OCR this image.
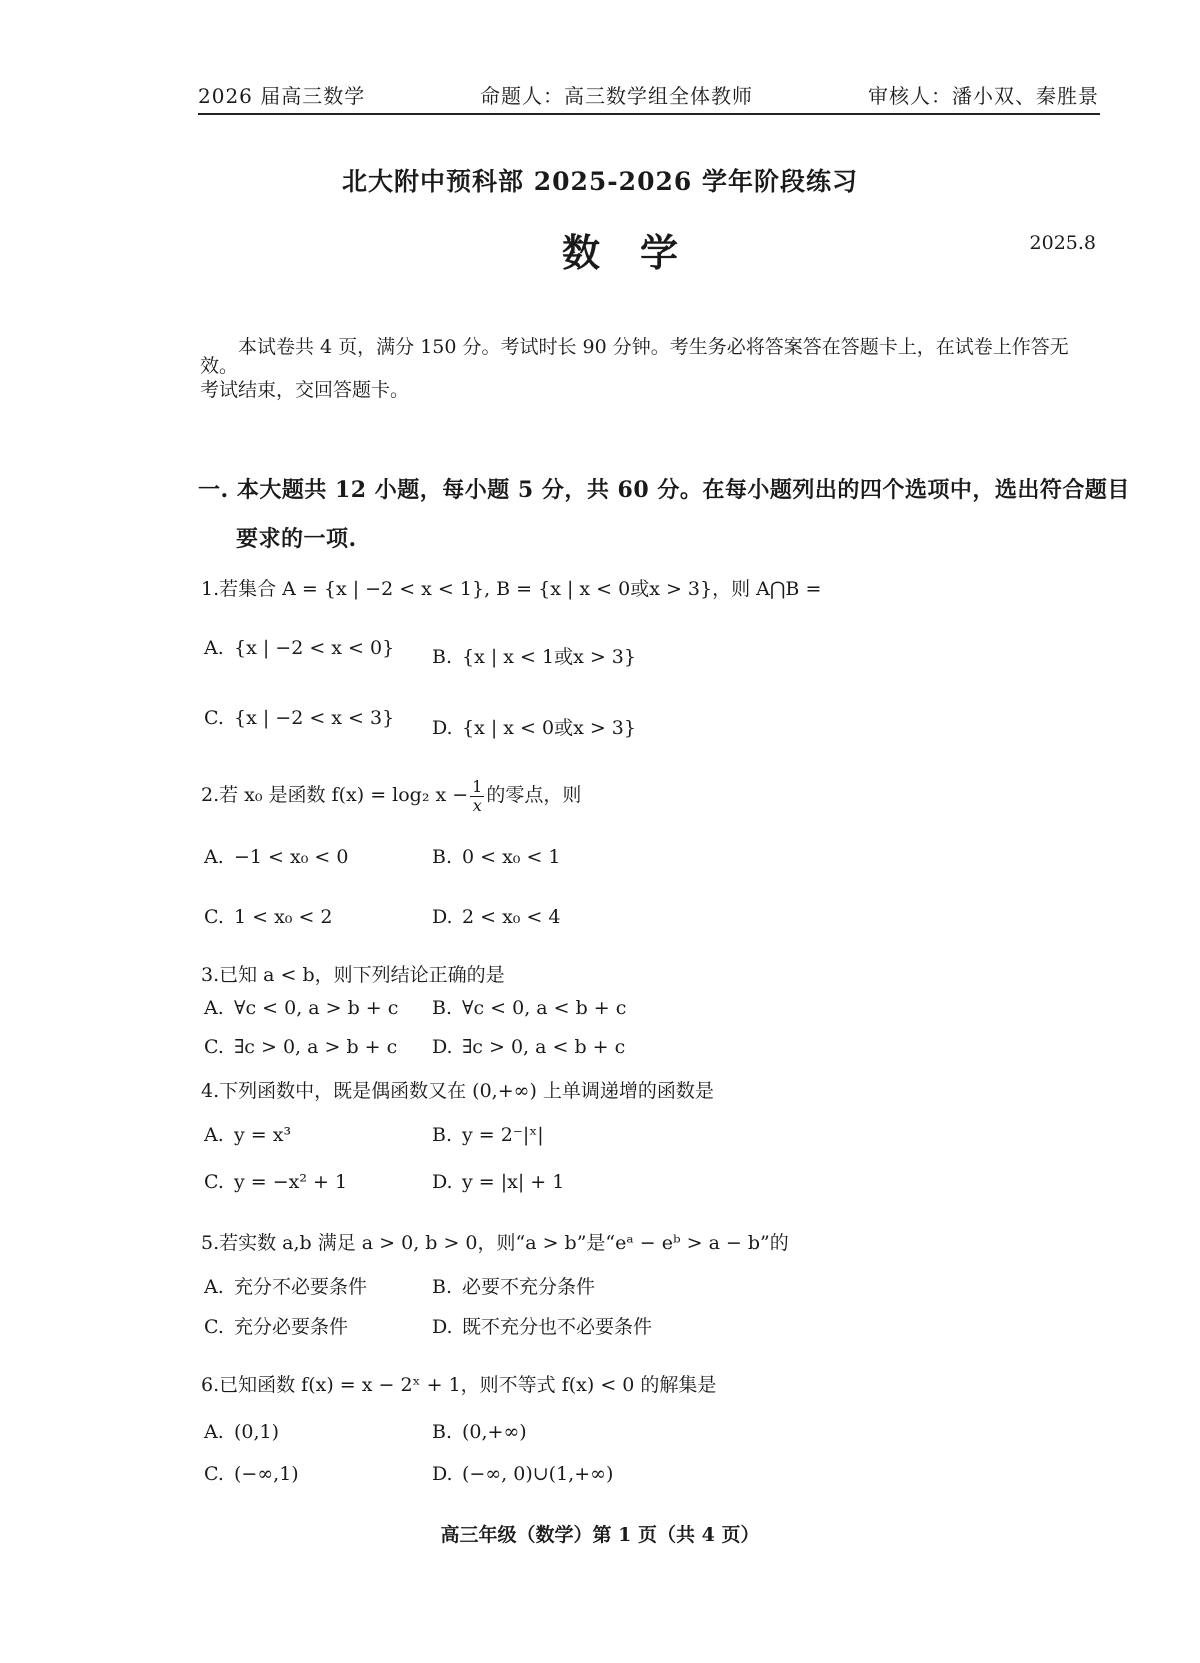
2026 届高三数学	命题人：高三数学组全体教师	审核人：潘小双、秦胜景
北大附中预科部 2025-2026 学年阶段练习
数学	2025.8
本试卷共 4 页，满分 150 分。考试时长 90 分钟。考生务必将答案答在答题卡上，在试卷上作答无效。
考试结束，交回答题卡。
一. 本大题共 12 小题，每小题 5 分，共 60 分。在每小题列出的四个选项中，选出符合题目
要求的一项.
1.若集合 A = {x | −2 < x < 1}, B = {x | x < 0或x > 3}，则 A⋂B =
A. {x | −2 < x < 0} B. {x | x < 1或x > 3}
C. {x | −2 < x < 3} D. {x | x < 0或x > 3}
2.若 x₀ 是函数 f(x) = log₂ $x - \frac{1}{x}$ 的零点，则
A. −1 < x₀ < 0	B. 0 < x₀ < 1
C. 1 < x₀ < 2	D. 2 < x₀ < 4
3.已知 a < b，则下列结论正确的是
A. ∀c < 0, a > b + c B. ∀c < 0, a < b + c
C. ∃c > 0, a > b + c D. ∃c > 0, a < b + c
4.下列函数中，既是偶函数又在 (0,+∞) 上单调递增的函数是
A. y = x³	B. y = 2⁻|ˣ|
C. y = −x² + 1	D. y = |x| + 1
5.若实数 a,b 满足 a > 0, b > 0，则“a > b”是“eᵃ − eᵇ > a − b”的
A. 充分不必要条件	B. 必要不充分条件
C. 充分必要条件	D. 既不充分也不必要条件
6.已知函数 f(x) = x − 2ˣ + 1，则不等式 f(x) < 0 的解集是
A. (0,1)	B. (0,+∞)
C. (−∞,1)	D. (−∞, 0)∪(1,+∞)
高三年级（数学）第 1 页（共 4 页）
